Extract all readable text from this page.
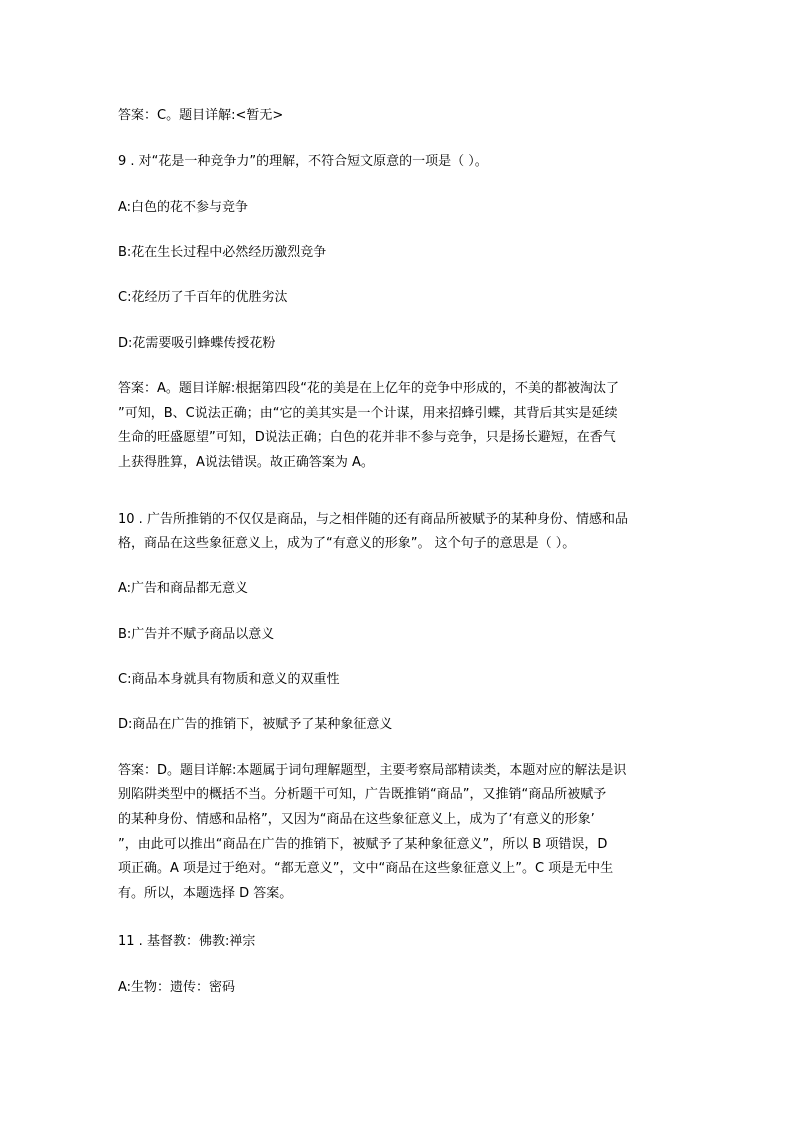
答案：C。题目详解:<暂无>
9 . 对“花是一种竞争力”的理解，不符合短文原意的一项是（ ）。
A:白色的花不参与竞争
B:花在生长过程中必然经历激烈竞争
C:花经历了千百年的优胜劣汰
D:花需要吸引蜂蝶传授花粉
答案：A。题目详解:根据第四段“花的美是在上亿年的竞争中形成的，不美的都被淘汰了
”可知，B、C说法正确；由“它的美其实是一个计谋，用来招蜂引蝶，其背后其实是延续
生命的旺盛愿望”可知，D说法正确；白色的花并非不参与竞争，只是扬长避短，在香气
上获得胜算，A说法错误。故正确答案为 A。
10 . 广告所推销的不仅仅是商品，与之相伴随的还有商品所被赋予的某种身份、情感和品
格，商品在这些象征意义上，成为了“有意义的形象”。 这个句子的意思是（ ）。
A:广告和商品都无意义
B:广告并不赋予商品以意义
C:商品本身就具有物质和意义的双重性
D:商品在广告的推销下，被赋予了某种象征意义
答案：D。题目详解:本题属于词句理解题型，主要考察局部精读类，本题对应的解法是识
别陷阱类型中的概括不当。分析题干可知，广告既推销“商品”，又推销“商品所被赋予
的某种身份、情感和品格”，又因为“商品在这些象征意义上，成为了‘有意义的形象’
”，由此可以推出“商品在广告的推销下，被赋予了某种象征意义”，所以 B 项错误，D
项正确。A 项是过于绝对。“都无意义”，文中“商品在这些象征意义上”。C 项是无中生
有。所以，本题选择 D 答案。
11 . 基督教：佛教:禅宗
A:生物：遗传：密码
